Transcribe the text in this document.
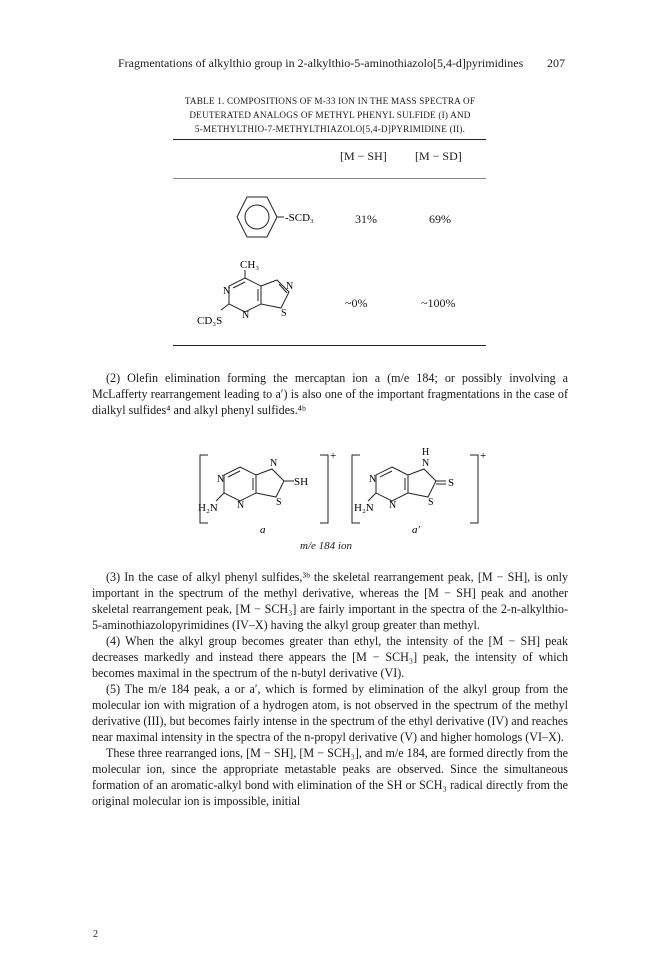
Fragmentations of alkylthio group in 2-alkylthio-5-aminothiazolo[5,4-d]pyrimidines	207
TABLE 1. COMPOSITIONS OF M-33 ION IN THE MASS SPECTRA OF
DEUTERATED ANALOGS OF METHYL PHENYL SULFIDE (I) AND
5-METHYLTHIO-7-METHYLTHIAZOLO[5,4-D]PYRIMIDINE (II).
[M − SH] [M − SD]
-SCD₃	31%	69%
CH₃
N
N
N
S
CD₃S
~0%	~100%

(2) Olefin elimination forming the mercaptan ion a (m/e 184; or possibly involving a McLafferty rearrangement leading to a′) is also one of the important fragmentations in the case of dialkyl sulfides⁴ and alkyl phenyl sulfides.⁴ᵇ

+
SH
N
N
N
S
H₂N
a
+
S
H
N
N
N
S
H₂N
a′
m/e 184 ion

(3) In the case of alkyl phenyl sulfides,³ᵇ the skeletal rearrangement peak, [M − SH], is only important in the spectrum of the methyl derivative, whereas the [M − SH] peak and another skeletal rearrangement peak, [M − SCH₃] are fairly important in the spectra of the 2-n-alkylthio-5-aminothiazolopyrimidines (IV–X) having the alkyl group greater than methyl.

(4) When the alkyl group becomes greater than ethyl, the intensity of the [M − SH] peak decreases markedly and instead there appears the [M − SCH₃] peak, the intensity of which becomes maximal in the spectrum of the n-butyl derivative (VI).

(5) The m/e 184 peak, a or a′, which is formed by elimination of the alkyl group from the molecular ion with migration of a hydrogen atom, is not observed in the spectrum of the methyl derivative (III), but becomes fairly intense in the spectrum of the ethyl derivative (IV) and reaches near maximal intensity in the spectra of the n-propyl derivative (V) and higher homologs (VI–X).

These three rearranged ions, [M − SH], [M − SCH₃], and m/e 184, are formed directly from the molecular ion, since the appropriate metastable peaks are observed. Since the simultaneous formation of an aromatic-alkyl bond with elimination of the SH or SCH₃ radical directly from the original molecular ion is impossible, initial

2
